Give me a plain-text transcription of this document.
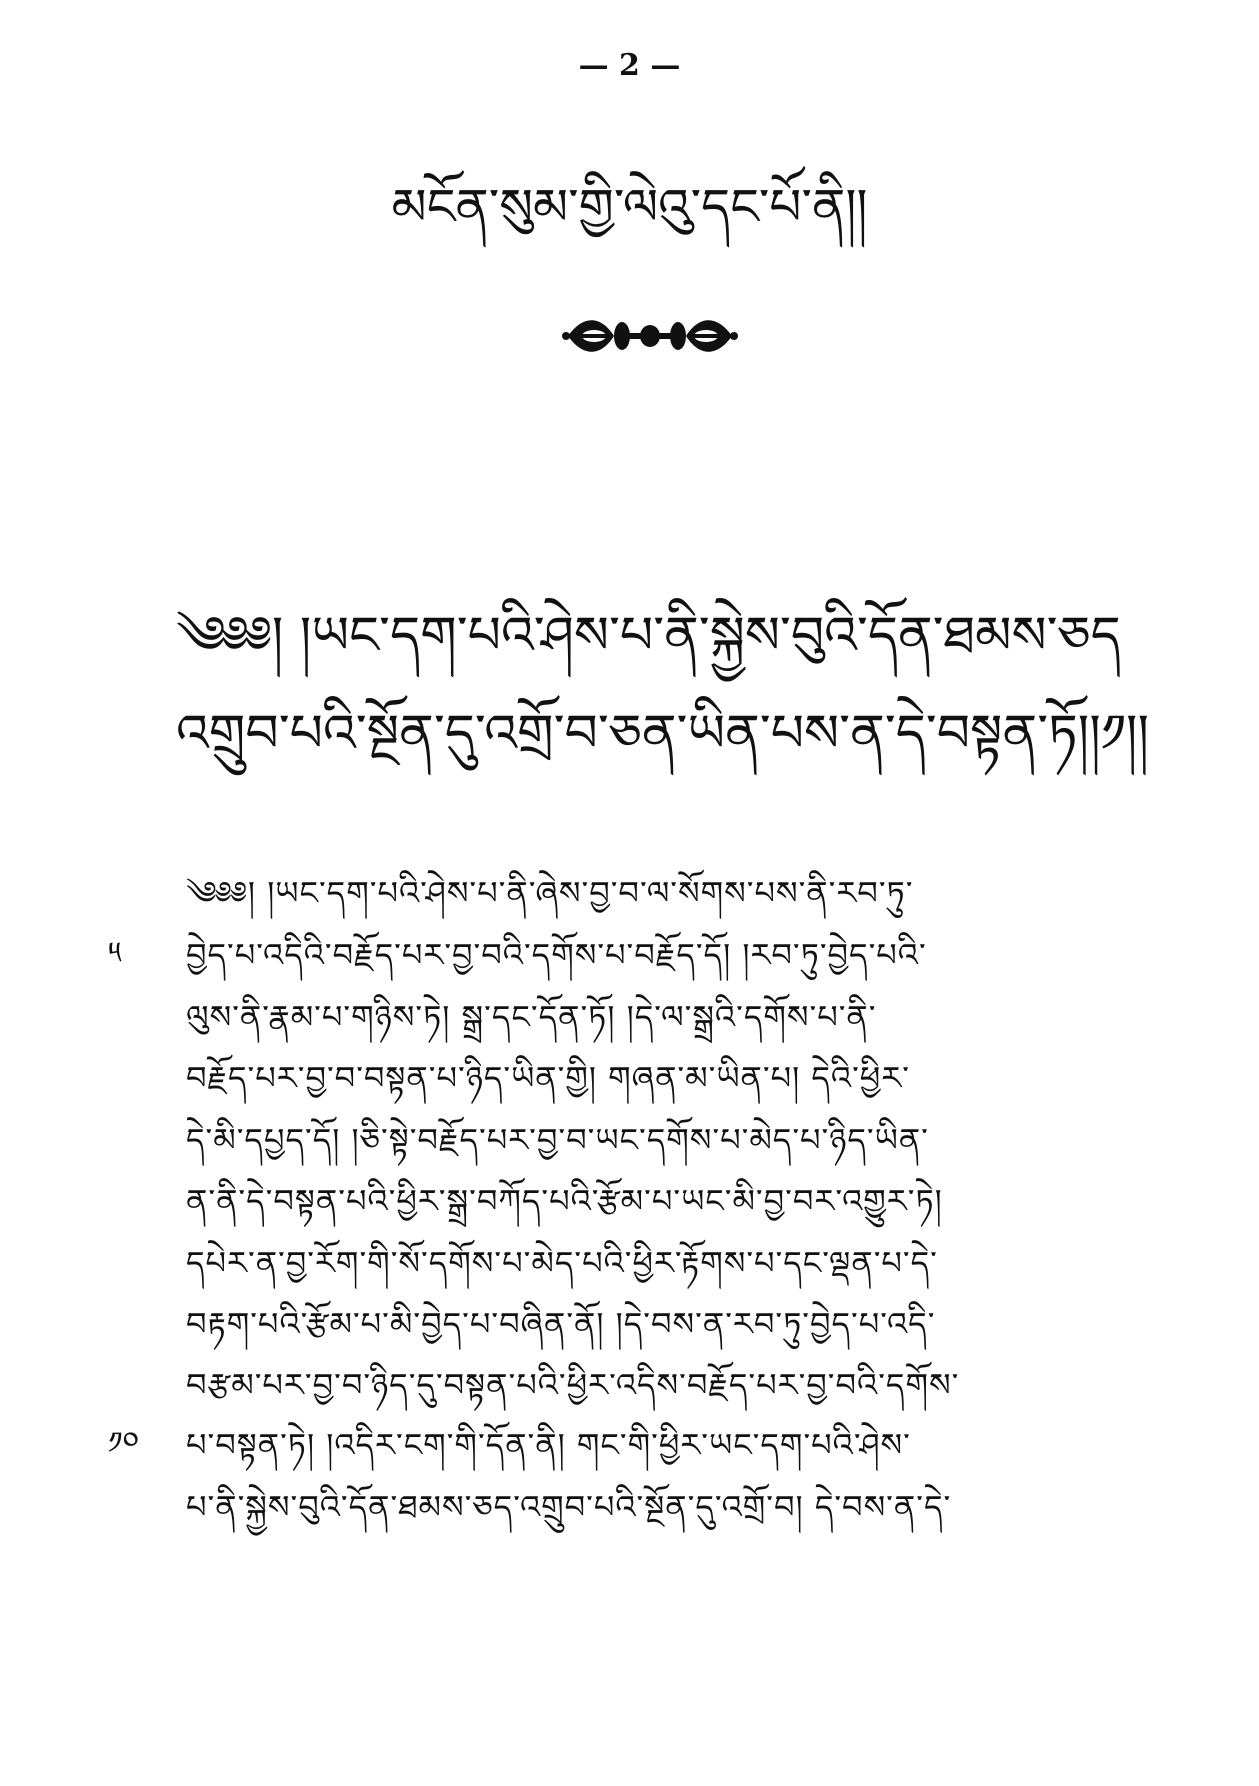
— 2 —
མངོན་སུམ་གྱི་ལེའུ་དང་པོ་ནི།།
༄༅༅། །ཡང་དག་པའི་ཤེས་པ་ནི་སྐྱེས་བུའི་དོན་ཐམས་ཅད
འགྲུབ་པའི་སྔོན་དུ་འགྲོ་བ་ཅན་ཡིན་པས་ན་དེ་བསྟན་ཏོ།།༡།།
༥
༡༠
༄༅༅། །ཡང་དག་པའི་ཤེས་པ་ནི་ཞེས་བྱ་བ་ལ་སོགས་པས་ནི་རབ་ཏུ་
བྱེད་པ་འདིའི་བརྗོད་པར་བྱ་བའི་དགོས་པ་བརྗོད་དོ། །རབ་ཏུ་བྱེད་པའི་
ལུས་ནི་རྣམ་པ་གཉིས་ཏེ། སྒྲ་དང་དོན་ཏོ། །དེ་ལ་སྒྲའི་དགོས་པ་ནི་
བརྗོད་པར་བྱ་བ་བསྟན་པ་ཉིད་ཡིན་གྱི། གཞན་མ་ཡིན་པ། དེའི་ཕྱིར་
དེ་མི་དཔྱད་དོ། །ཅི་སྟེ་བརྗོད་པར་བྱ་བ་ཡང་དགོས་པ་མེད་པ་ཉིད་ཡིན་
ན་ནི་དེ་བསྟན་པའི་ཕྱིར་སྒྲ་བཀོད་པའི་རྩོམ་པ་ཡང་མི་བྱ་བར་འགྱུར་ཏེ།
དཔེར་ན་བྱ་རོག་གི་སོ་དགོས་པ་མེད་པའི་ཕྱིར་རྟོགས་པ་དང་ལྡན་པ་དེ་
བརྟག་པའི་རྩོམ་པ་མི་བྱེད་པ་བཞིན་ནོ། །དེ་བས་ན་རབ་ཏུ་བྱེད་པ་འདི་
བརྩམ་པར་བྱ་བ་ཉིད་དུ་བསྟན་པའི་ཕྱིར་འདིས་བརྗོད་པར་བྱ་བའི་དགོས་
པ་བསྟན་ཏེ། །འདིར་ངག་གི་དོན་ནི། གང་གི་ཕྱིར་ཡང་དག་པའི་ཤེས་
པ་ནི་སྐྱེས་བུའི་དོན་ཐམས་ཅད་འགྲུབ་པའི་སྔོན་དུ་འགྲོ་བ། དེ་བས་ན་དེ་
